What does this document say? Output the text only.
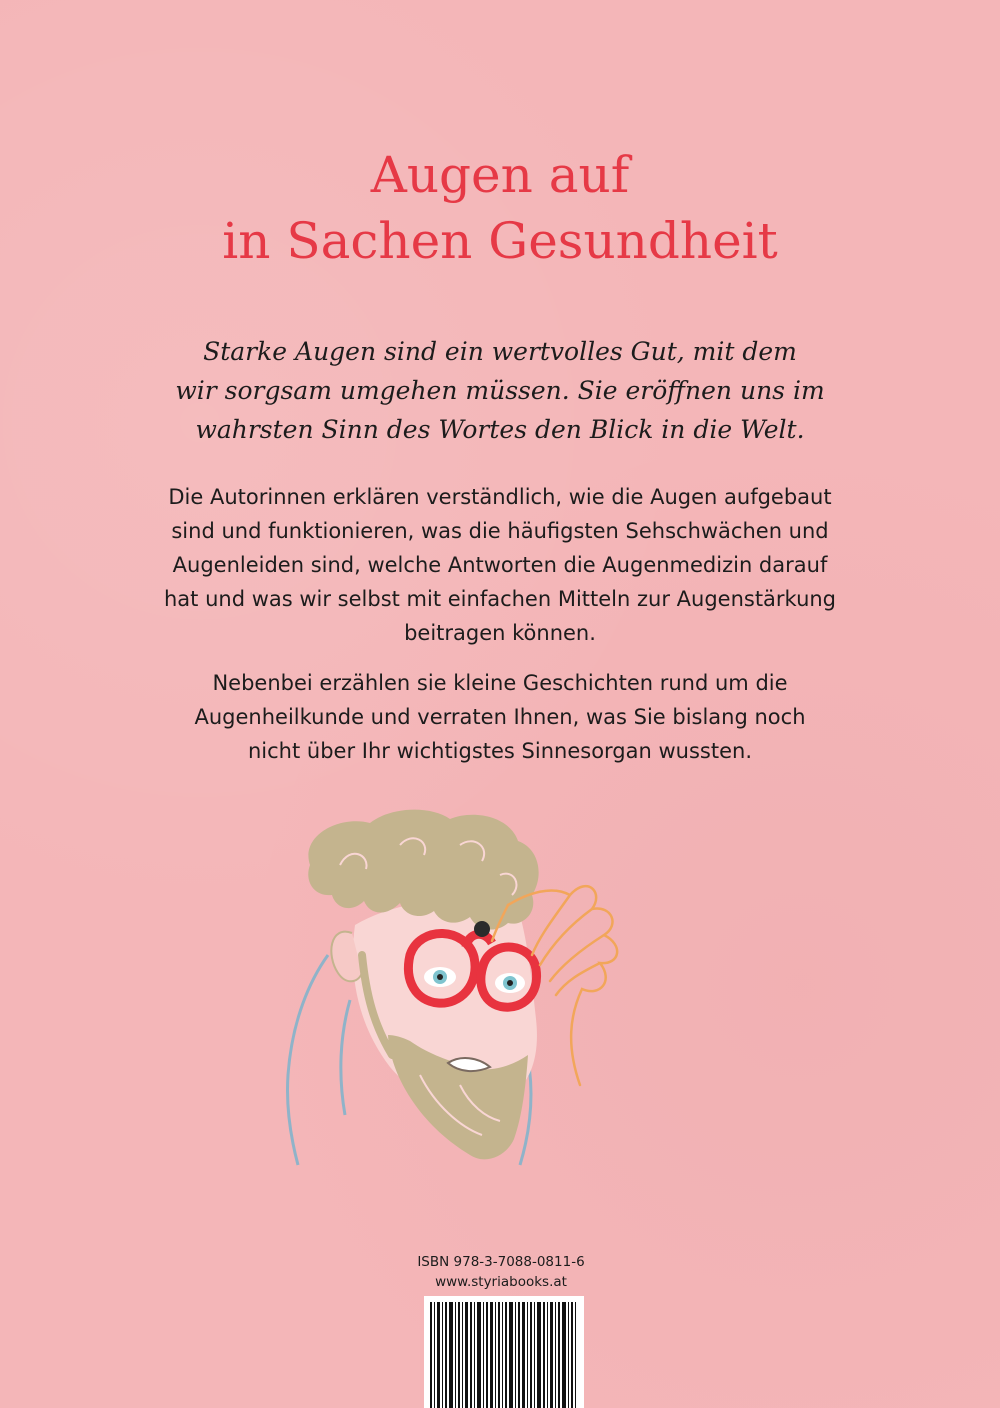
Augen auf
in Sachen Gesundheit

Starke Augen sind ein wertvolles Gut, mit dem
wir sorgsam umgehen müssen. Sie eröffnen uns im
wahrsten Sinn des Wortes den Blick in die Welt.

Die Autorinnen erklären verständlich, wie die Augen aufgebaut
sind und funktionieren, was die häufigsten Sehschwächen und
Augenleiden sind, welche Antworten die Augenmedizin darauf
hat und was wir selbst mit einfachen Mitteln zur Augenstärkung
beitragen können.

Nebenbei erzählen sie kleine Geschichten rund um die
Augenheilkunde und verraten Ihnen, was Sie bislang noch
nicht über Ihr wichtigstes Sinnesorgan wussten.

ISBN 978-3-7088-0811-6
www.styriabooks.at
